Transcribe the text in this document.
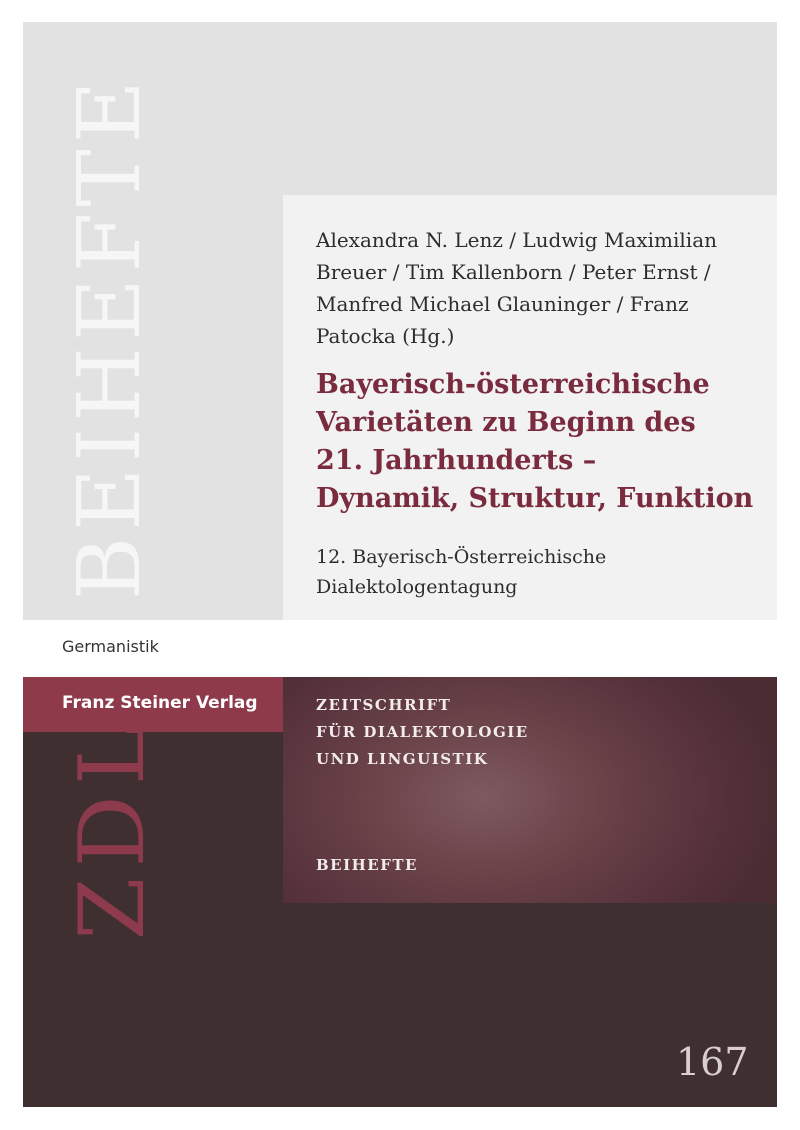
BEIHEFTE
ZDL
Germanistik
Franz Steiner Verlag
Alexandra N. Lenz / Ludwig Maximilian
Breuer / Tim Kallenborn / Peter Ernst /
Manfred Michael Glauninger / Franz
Patocka (Hg.)
Bayerisch-österreichische
Varietäten zu Beginn des
21. Jahrhunderts –
Dynamik, Struktur, Funktion
12. Bayerisch-Österreichische
Dialektologentagung
ZEITSCHRIFT
FÜR DIALEKTOLOGIE
UND LINGUISTIK
BEIHEFTE
167
